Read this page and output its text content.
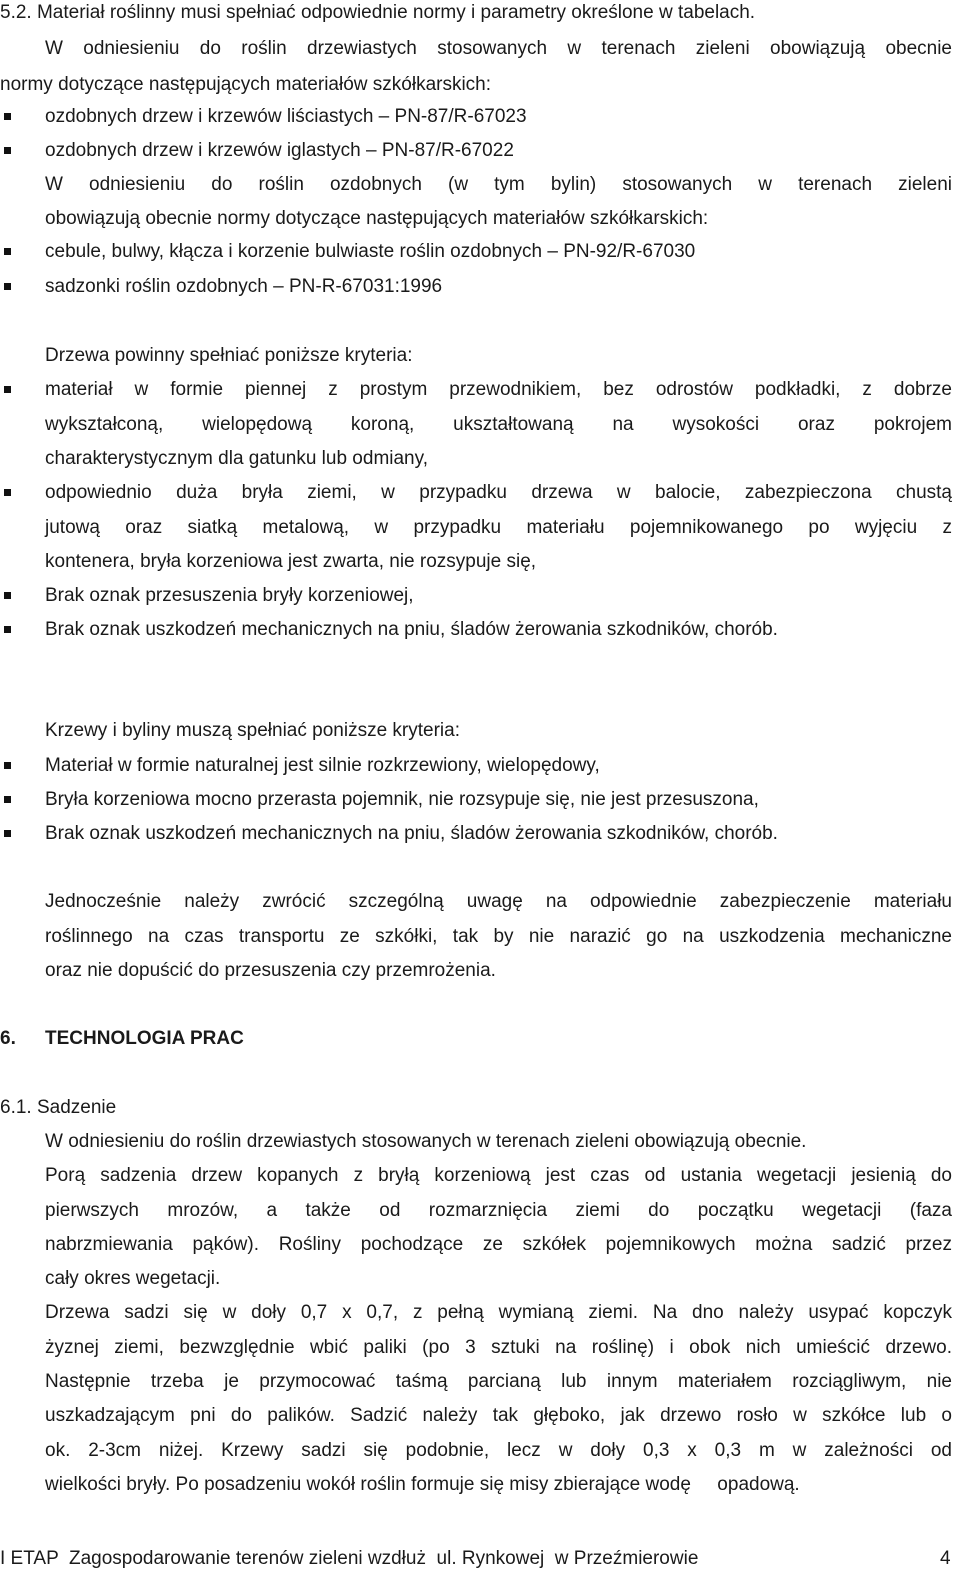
5.2. Materiał roślinny musi spełniać odpowiednie normy i parametry określone w tabelach.
W odniesieniu do roślin drzewiastych stosowanych w terenach zieleni obowiązują obecnie
normy dotyczące następujących materiałów szkółkarskich:
ozdobnych drzew i krzewów liściastych – PN-87/R-67023
ozdobnych drzew i krzewów iglastych – PN-87/R-67022
W odniesieniu do roślin ozdobnych (w tym bylin) stosowanych w terenach zieleni
obowiązują obecnie normy dotyczące następujących materiałów szkółkarskich:
cebule, bulwy, kłącza i korzenie bulwiaste roślin ozdobnych – PN-92/R-67030
sadzonki roślin ozdobnych – PN-R-67031:1996
Drzewa powinny spełniać poniższe kryteria:
materiał w formie piennej z prostym przewodnikiem, bez odrostów podkładki, z dobrze
wykształconą, wielopędową koroną, ukształtowaną na wysokości oraz pokrojem
charakterystycznym dla gatunku lub odmiany,
odpowiednio duża bryła ziemi, w przypadku drzewa w balocie, zabezpieczona chustą
jutową oraz siatką metalową, w przypadku materiału pojemnikowanego po wyjęciu z
kontenera, bryła korzeniowa jest zwarta, nie rozsypuje się,
Brak oznak przesuszenia bryły korzeniowej,
Brak oznak uszkodzeń mechanicznych na pniu, śladów żerowania szkodników, chorób.
Krzewy i byliny muszą spełniać poniższe kryteria:
Materiał w formie naturalnej jest silnie rozkrzewiony, wielopędowy,
Bryła korzeniowa mocno przerasta pojemnik, nie rozsypuje się, nie jest przesuszona,
Brak oznak uszkodzeń mechanicznych na pniu, śladów żerowania szkodników, chorób.
Jednocześnie należy zwrócić szczególną uwagę na odpowiednie zabezpieczenie materiału
roślinnego na czas transportu ze szkółki, tak by nie narazić go na uszkodzenia mechaniczne
oraz nie dopuścić do przesuszenia czy przemrożenia.
6. TECHNOLOGIA PRAC
6.1. Sadzenie
W odniesieniu do roślin drzewiastych stosowanych w terenach zieleni obowiązują obecnie.
Porą sadzenia drzew kopanych z bryłą korzeniową jest czas od ustania wegetacji jesienią do
pierwszych mrozów, a także od rozmarznięcia ziemi do początku wegetacji (faza
nabrzmiewania pąków). Rośliny pochodzące ze szkółek pojemnikowych można sadzić przez
cały okres wegetacji.
Drzewa sadzi się w doły 0,7 x 0,7, z pełną wymianą ziemi. Na dno należy usypać kopczyk
żyznej ziemi, bezwzględnie wbić paliki (po 3 sztuki na roślinę) i obok nich umieścić drzewo.
Następnie trzeba je przymocować taśmą parcianą lub innym materiałem rozciągliwym, nie
uszkadzającym pni do palików. Sadzić należy tak głęboko, jak drzewo rosło w szkółce lub o
ok. 2-3cm niżej. Krzewy sadzi się podobnie, lecz w doły 0,3 x 0,3 m w zależności od
wielkości bryły. Po posadzeniu wokół roślin formuje się misy zbierające wodę     opadową.
I ETAP  Zagospodarowanie terenów zieleni wzdłuż  ul. Rynkowej  w Przeźmierowie	4
